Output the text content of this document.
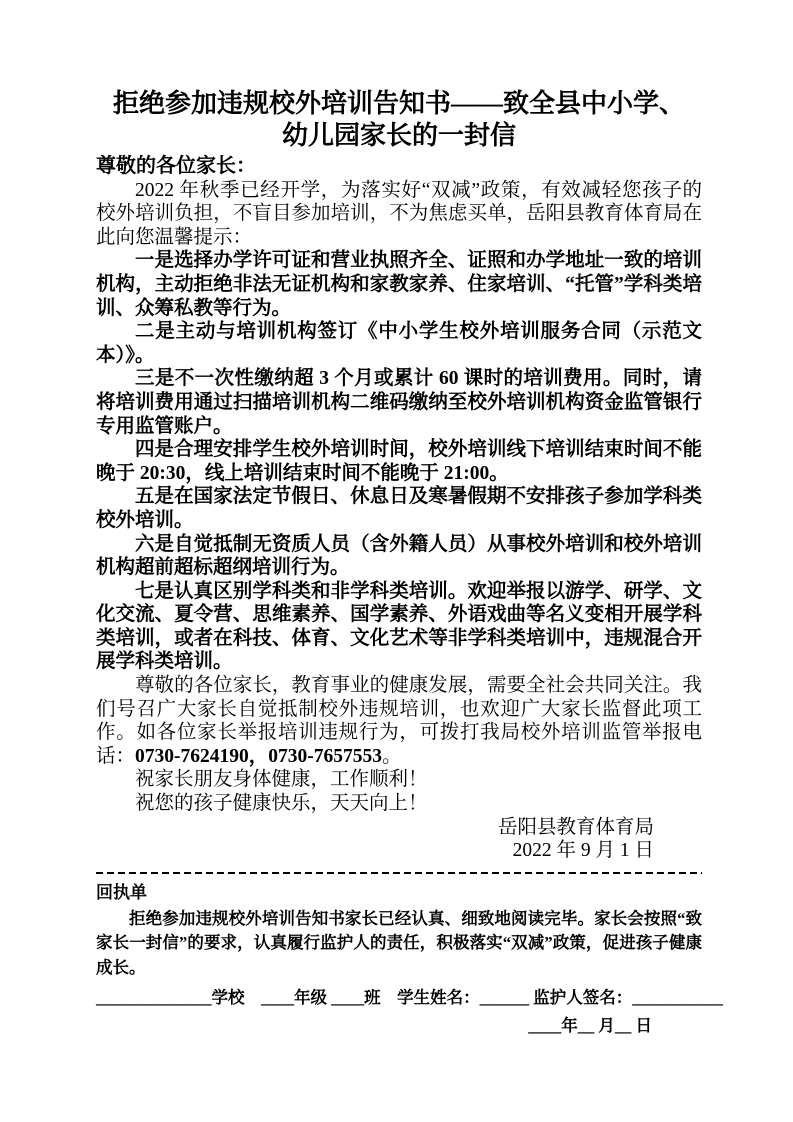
拒绝参加违规校外培训告知书——致全县中小学、
幼儿园家长的一封信
尊敬的各位家长：

2022 年秋季已经开学，为落实好“双减”政策，有效减轻您孩子的校外培训负担，不盲目参加培训，不为焦虑买单，岳阳县教育体育局在此向您温馨提示：

一是选择办学许可证和营业执照齐全、证照和办学地址一致的培训机构，主动拒绝非法无证机构和家教家养、住家培训、“托管”学科类培训、众筹私教等行为。

二是主动与培训机构签订《中小学生校外培训服务合同（示范文本）》。

三是不一次性缴纳超 3 个月或累计 60 课时的培训费用。同时，请将培训费用通过扫描培训机构二维码缴纳至校外培训机构资金监管银行专用监管账户。

四是合理安排学生校外培训时间，校外培训线下培训结束时间不能晚于 20:30，线上培训结束时间不能晚于 21:00。

五是在国家法定节假日、休息日及寒暑假期不安排孩子参加学科类校外培训。

六是自觉抵制无资质人员（含外籍人员）从事校外培训和校外培训机构超前超标超纲培训行为。

七是认真区别学科类和非学科类培训。欢迎举报以游学、研学、文化交流、夏令营、思维素养、国学素养、外语戏曲等名义变相开展学科类培训，或者在科技、体育、文化艺术等非学科类培训中，违规混合开展学科类培训。

尊敬的各位家长，教育事业的健康发展，需要全社会共同关注。我们号召广大家长自觉抵制校外违规培训，也欢迎广大家长监督此项工作。如各位家长举报培训违规行为，可拨打我局校外培训监管举报电话：0730-7624190，0730-7657553。

祝家长朋友身体健康，工作顺利！

祝您的孩子健康快乐，天天向上！

岳阳县教育体育局
2022 年 9 月 1 日
回执单

拒绝参加违规校外培训告知书家长已经认真、细致地阅读完毕。家长会按照“致家长一封信”的要求，认真履行监护人的责任，积极落实“双减”政策，促进孩子健康成长。

______________学校　____年级 ____班　学生姓名：______ 监护人签名：___________
____年__ 月__ 日
